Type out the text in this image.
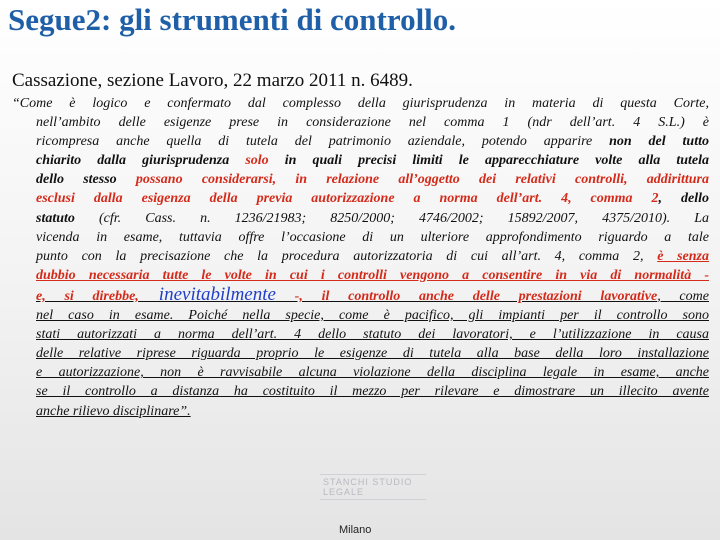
Segue2: gli strumenti di controllo.
Cassazione, sezione Lavoro, 22 marzo 2011 n. 6489.
“Come è logico e confermato dal complesso della giurisprudenza in materia di questa Corte,
nell’ambito delle esigenze prese in considerazione nel comma 1 (ndr dell’art. 4 S.L.) è
ricompresa anche quella di tutela del patrimonio aziendale, potendo apparire non del tutto
chiarito dalla giurisprudenza solo in quali precisi limiti le apparecchiature volte alla tutela
dello stesso possano considerarsi, in relazione all’oggetto dei relativi controlli, addirittura
esclusi dalla esigenza della previa autorizzazione a norma dell’art. 4, comma 2, dello
statuto (cfr. Cass. n. 1236/21983; 8250/2000; 4746/2002; 15892/2007, 4375/2010). La
vicenda in esame, tuttavia offre l’occasione di un ulteriore approfondimento riguardo a tale
punto con la precisazione che la procedura autorizzatoria di cui all’art. 4, comma 2, è senza
dubbio necessaria tutte le volte in cui i controlli vengono a consentire in via di normalità -
e, si direbbe, inevitabilmente -, il controllo anche delle prestazioni lavorative, come
nel caso in esame. Poiché nella specie, come è pacifico, gli impianti per il controllo sono
stati autorizzati a norma dell’art. 4 dello statuto dei lavoratori, e l’utilizzazione in causa
delle relative riprese riguarda proprio le esigenze di tutela alla base della loro installazione
e autorizzazione, non è ravvisabile alcuna violazione della disciplina legale in esame, anche
se il controllo a distanza ha costituito il mezzo per rilevare e dimostrare un illecito avente
anche rilievo disciplinare”.
STANCHI STUDIO LEGALE
Milano
